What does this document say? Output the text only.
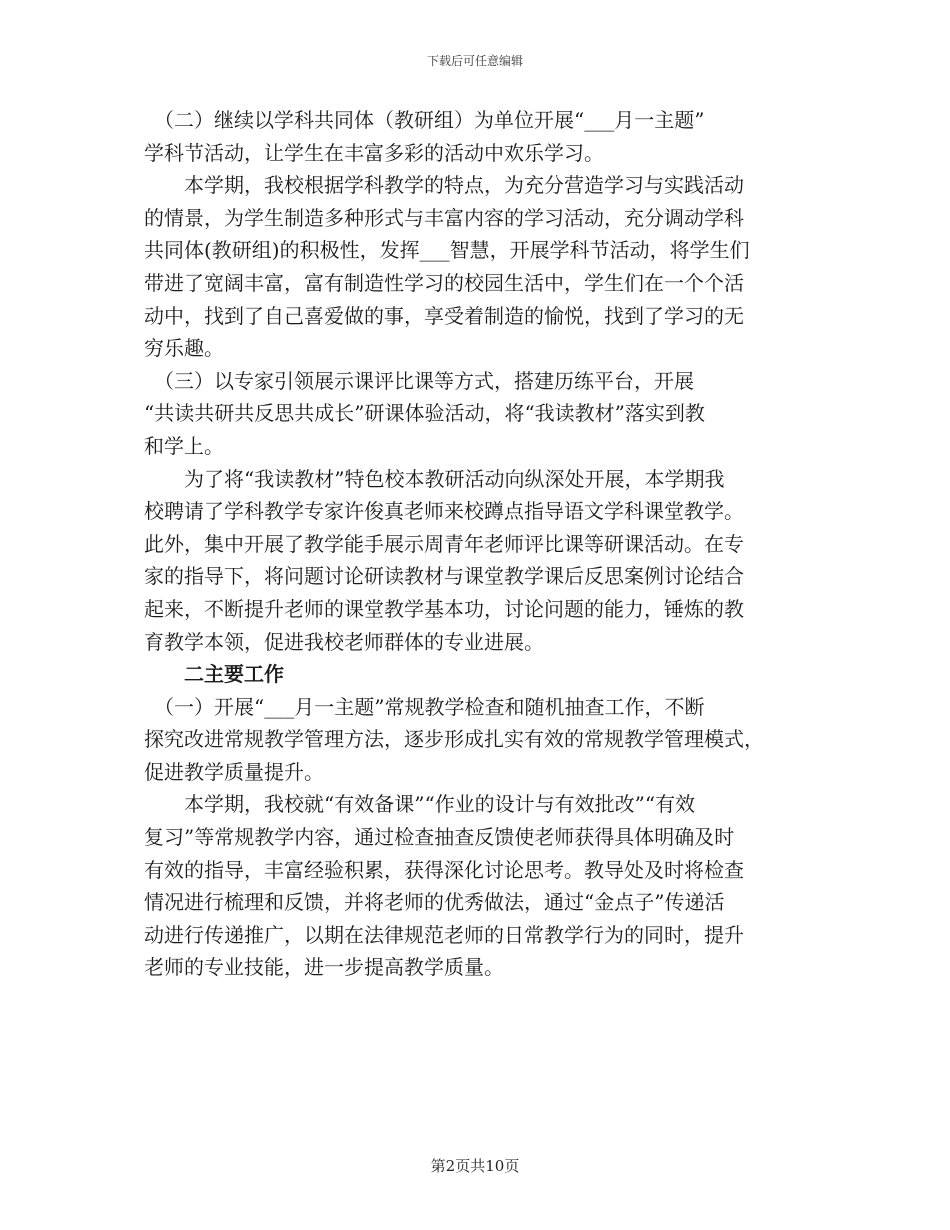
下载后可任意编辑

　（二）继续以学科共同体（教研组）为单位开展“___月一主题”
学科节活动，让学生在丰富多彩的活动中欢乐学习。

　　本学期，我校根据学科教学的特点，为充分营造学习与实践活动
的情景，为学生制造多种形式与丰富内容的学习活动，充分调动学科
共同体(教研组)的积极性，发挥___智慧，开展学科节活动，将学生们
带进了宽阔丰富，富有制造性学习的校园生活中，学生们在一个个活
动中，找到了自己喜爱做的事，享受着制造的愉悦，找到了学习的无
穷乐趣。

　（三）以专家引领展示课评比课等方式，搭建历练平台，开展
“共读共研共反思共成长”研课体验活动，将“我读教材”落实到教
和学上。

　　为了将“我读教材”特色校本教研活动向纵深处开展，本学期我
校聘请了学科教学专家许俊真老师来校蹲点指导语文学科课堂教学。
此外，集中开展了教学能手展示周青年老师评比课等研课活动。在专
家的指导下，将问题讨论研读教材与课堂教学课后反思案例讨论结合
起来，不断提升老师的课堂教学基本功，讨论问题的能力，锤炼的教
育教学本领，促进我校老师群体的专业进展。

　　二主要工作

　（一）开展“___月一主题”常规教学检查和随机抽查工作，不断
探究改进常规教学管理方法，逐步形成扎实有效的常规教学管理模式，
促进教学质量提升。

　　本学期，我校就“有效备课”“作业的设计与有效批改”“有效
复习”等常规教学内容，通过检查抽查反馈使老师获得具体明确及时
有效的指导，丰富经验积累，获得深化讨论思考。教导处及时将检查
情况进行梳理和反馈，并将老师的优秀做法，通过“金点子”传递活
动进行传递推广，以期在法律规范老师的日常教学行为的同时，提升
老师的专业技能，进一步提高教学质量。

第2页共10页
